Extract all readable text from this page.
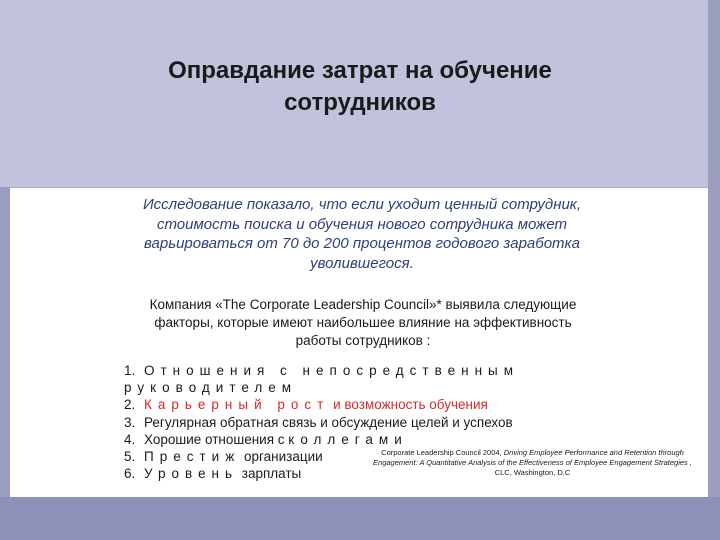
Оправдание затрат на обучение
сотрудников
Исследование показало, что если уходит ценный сотрудник,
стоимость поиска и обучения нового сотрудника может
варьироваться от 70 до 200 процентов годового заработка
уволившегося.
Компания «The Corporate Leadership Council»* выявила следующие
факторы, которые имеют наибольшее влияние на эффективность
работы сотрудников :
1. Отношения с непосредственным руководителем
2. Карьерный рост и возможность обучения
3. Регулярная обратная связь и обсуждение целей и успехов
4. Хорошие отношения с коллегами
5. Престиж организации
6. Уровень зарплаты
Corporate Leadership Council 2004, Driving Employee Performance and Retention through
Engagement: A Quantitative Analysis of the Effectiveness of Employee Engagement Strategies ,
CLC, Washington, D.C
